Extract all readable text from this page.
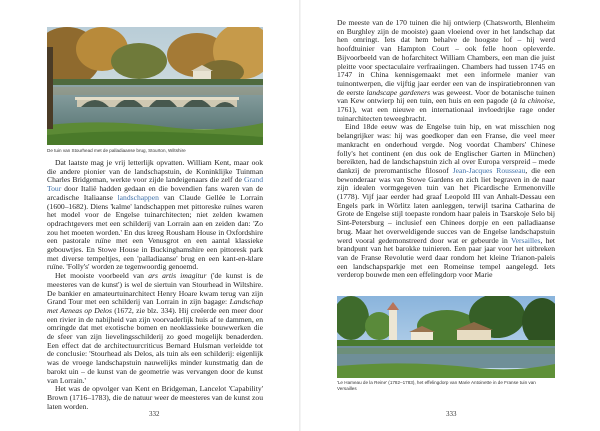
De tuin van Stourhead met de palladiaanse brug, Stourton, Wiltshire

Dat laatste mag je vrij letterlijk opvatten. William Kent, maar ook die andere pionier van de landschapstuin, de Koninklijke Tuinman Charles Bridgeman, werkte voor zijde landeigenaars die zelf de Grand Tour door Italië hadden gedaan en die bovendien fans waren van de arcadische Italiaanse landschappen van Claude Gellée le Lorrain (1600–1682). Diens 'kalme' landschappen met pittoreske ruïnes waren het model voor de Engelse tuinarchitecten; niet zelden kwamen opdrachtgevers met een schilderij van Lorrain aan en zeiden dan: 'Zo zou het moeten worden.' En dus kreeg Rousham House in Oxfordshire een pastorale ruïne met een Venusgrot en een aantal klassieke gebouwtjes. En Stowe House in Buckinghamshire een pittoresk park met diverse tempeltjes, een 'palladiaanse' brug en een kant-en-klare ruïne. 'Folly's' worden ze tegenwoordig genoemd.

Het mooiste voorbeeld van ars artis imagitur ('de kunst is de meesteres van de kunst') is wel de siertuin van Stourhead in Wiltshire. De bankier en amateurtuinarchitect Henry Hoare kwam terug van zijn Grand Tour met een schilderij van Lorrain in zijn bagage: Landschap met Aeneas op Delos (1672, zie blz. 334). Hij creëerde een meer door een rivier in de nabijheid van zijn voorvaderlijk huis af te dammen, en omringde dat met exotische bomen en neoklassieke bouwwerken die de sfeer van zijn lievelingsschilderij zo goed mogelijk benaderden. Een effect dat de architectuurcriticus Bernard Hulsman verleidde tot de conclusie: 'Stourhead als Delos, als tuin als een schilderij: eigenlijk was de vroege landschapstuin nauwelijks minder kunstmatig dan de barokt uin – de kunst van de geometrie was vervangen door de kunst van Lorrain.'

Het was de opvolger van Kent en Bridgeman, Lancelot 'Capability' Brown (1716–1783), die de natuur weer de meesteres van de kunst zou laten worden.

332

De meeste van de 170 tuinen die hij ontwierp (Chatsworth, Blenheim en Burghley zijn de mooiste) gaan vloeiend over in het landschap dat hen omringt. Iets dat hem behalve de hoogste lof – hij werd hoofdtuinier van Hampton Court – ook felle hoon opleverde. Bijvoorbeeld van de hofarchitect William Chambers, een man die juist pleitte voor spectaculaire verfraaiingen. Chambers had tussen 1745 en 1747 in China kennisgemaakt met een informele manier van tuinontwerpen, die vijftig jaar eerder een van de inspiratiebronnen van de eerste landscape gardeners was geweest. Voor de botanische tuinen van Kew ontwierp hij een tuin, een huis en een pagode (à la chinoise, 1761), wat een nieuwe en internationaal invloedrijke rage onder tuinarchitecten teweegbracht.

Eind 18de eeuw was de Engelse tuin hip, en wat misschien nog belangrijker was: hij was goedkoper dan een Franse, die veel meer mankracht en onderhoud vergde. Nog voordat Chambers' Chinese folly's het continent (en dus ook de Englischer Garten in München) bereikten, had de landschapstuin zich al over Europa verspreid – mede dankzij de preromantische filosoof Jean-Jacques Rousseau, die een bewonderaar was van Stowe Gardens en zich liet begraven in de naar zijn idealen vormgegeven tuin van het Picardische Ermenonville (1778). Vijf jaar eerder had graaf Leopold III van Anhalt-Dessau een Engels park in Wörlitz laten aanleggen, terwijl tsarina Catharina de Grote de Engelse stijl toepaste rondom haar paleis in Tsarskoje Selo bij Sint-Petersburg – inclusief een Chinees dorpje en een palladiaanse brug. Maar het overweldigende succes van de Engelse landschapstuin werd vooral gedemonstreerd door wat er gebeurde in Versailles, het brandpunt van het barokke tuinieren. Een paar jaar voor het uitbreken van de Franse Revolutie werd daar rondom het kleine Trianon-paleis een landschapsparkje met een Romeinse tempel aangelegd. Iets verderop bouwde men een effelingdorp voor Marie

'Le Hameau de la Reine' (1782–1783), het effelingdorp van Marie Antoinette in de Franse tuin van Versailles
333
